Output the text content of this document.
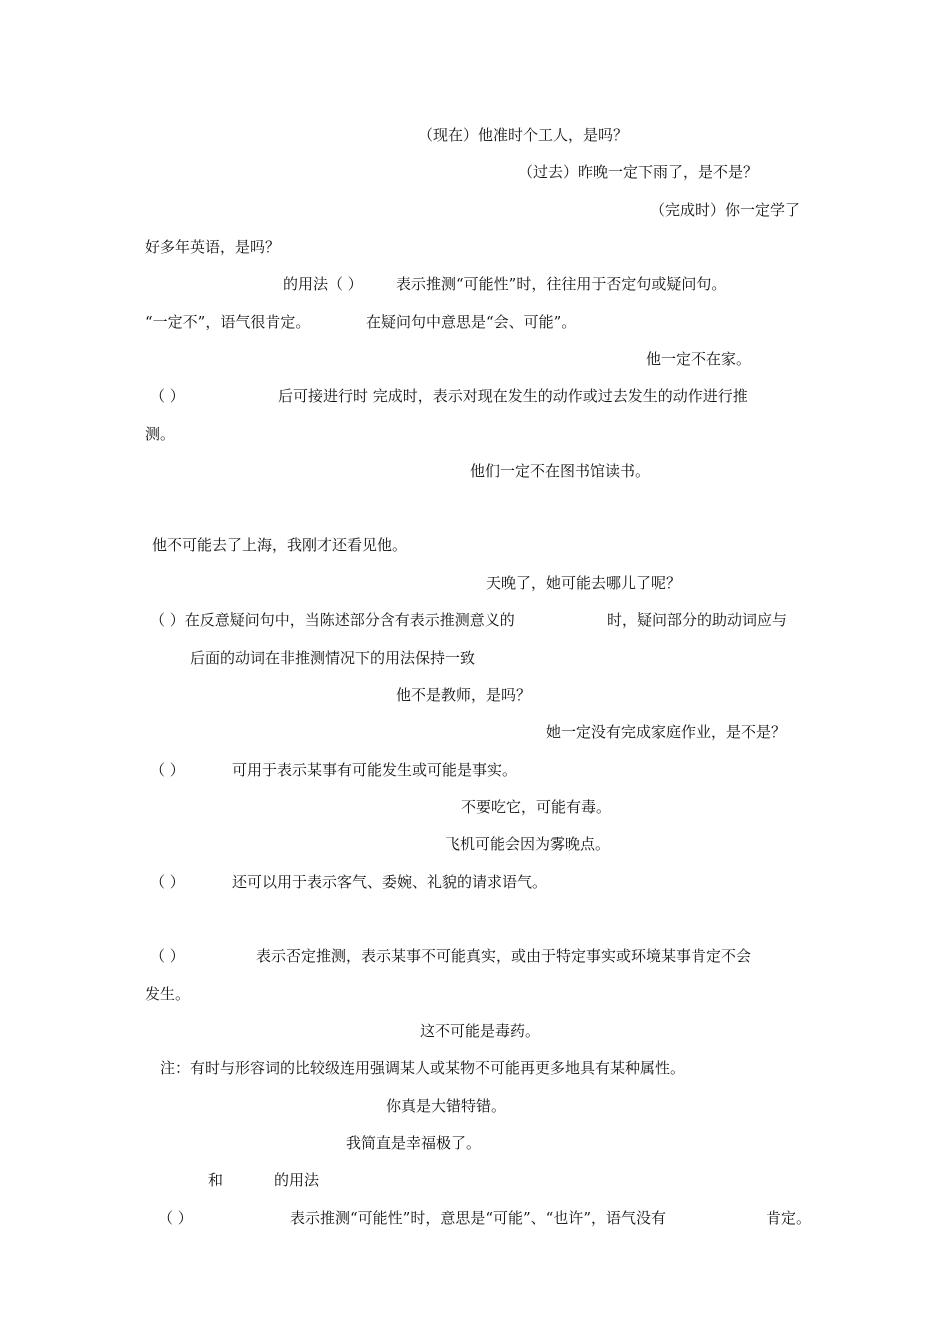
（现在）他准时个工人，是吗？
（过去）昨晚一定下雨了，是不是？
（完成时）你一定学了
好多年英语，是吗？
的用法（ ） 表示推测“可能性”时，往往用于否定句或疑问句。
“一定不”，语气很肯定。	在疑问句中意思是“会、可能”。
他一定不在家。
（ ）	后可接进行时 完成时，表示对现在发生的动作或过去发生的动作进行推
测。
他们一定不在图书馆读书。
他不可能去了上海，我刚才还看见他。
天晚了，她可能去哪儿了呢？
（ ）在反意疑问句中，当陈述部分含有表示推测意义的	时，疑问部分的助动词应与
后面的动词在非推测情况下的用法保持一致
他不是教师，是吗？
她一定没有完成家庭作业，是不是？
（ ）	可用于表示某事有可能发生或可能是事实。
不要吃它，可能有毒。
飞机可能会因为雾晚点。
（ ）	还可以用于表示客气、委婉、礼貌的请求语气。
（ ）	表示否定推测，表示某事不可能真实，或由于特定事实或环境某事肯定不会
发生。
这不可能是毒药。
注：有时与形容词的比较级连用强调某人或某物不可能再更多地具有某种属性。
你真是大错特错。
我简直是幸福极了。
和	的用法
（ ）	表示推测“可能性”时，意思是“可能”、“也许”，语气没有	肯定。
